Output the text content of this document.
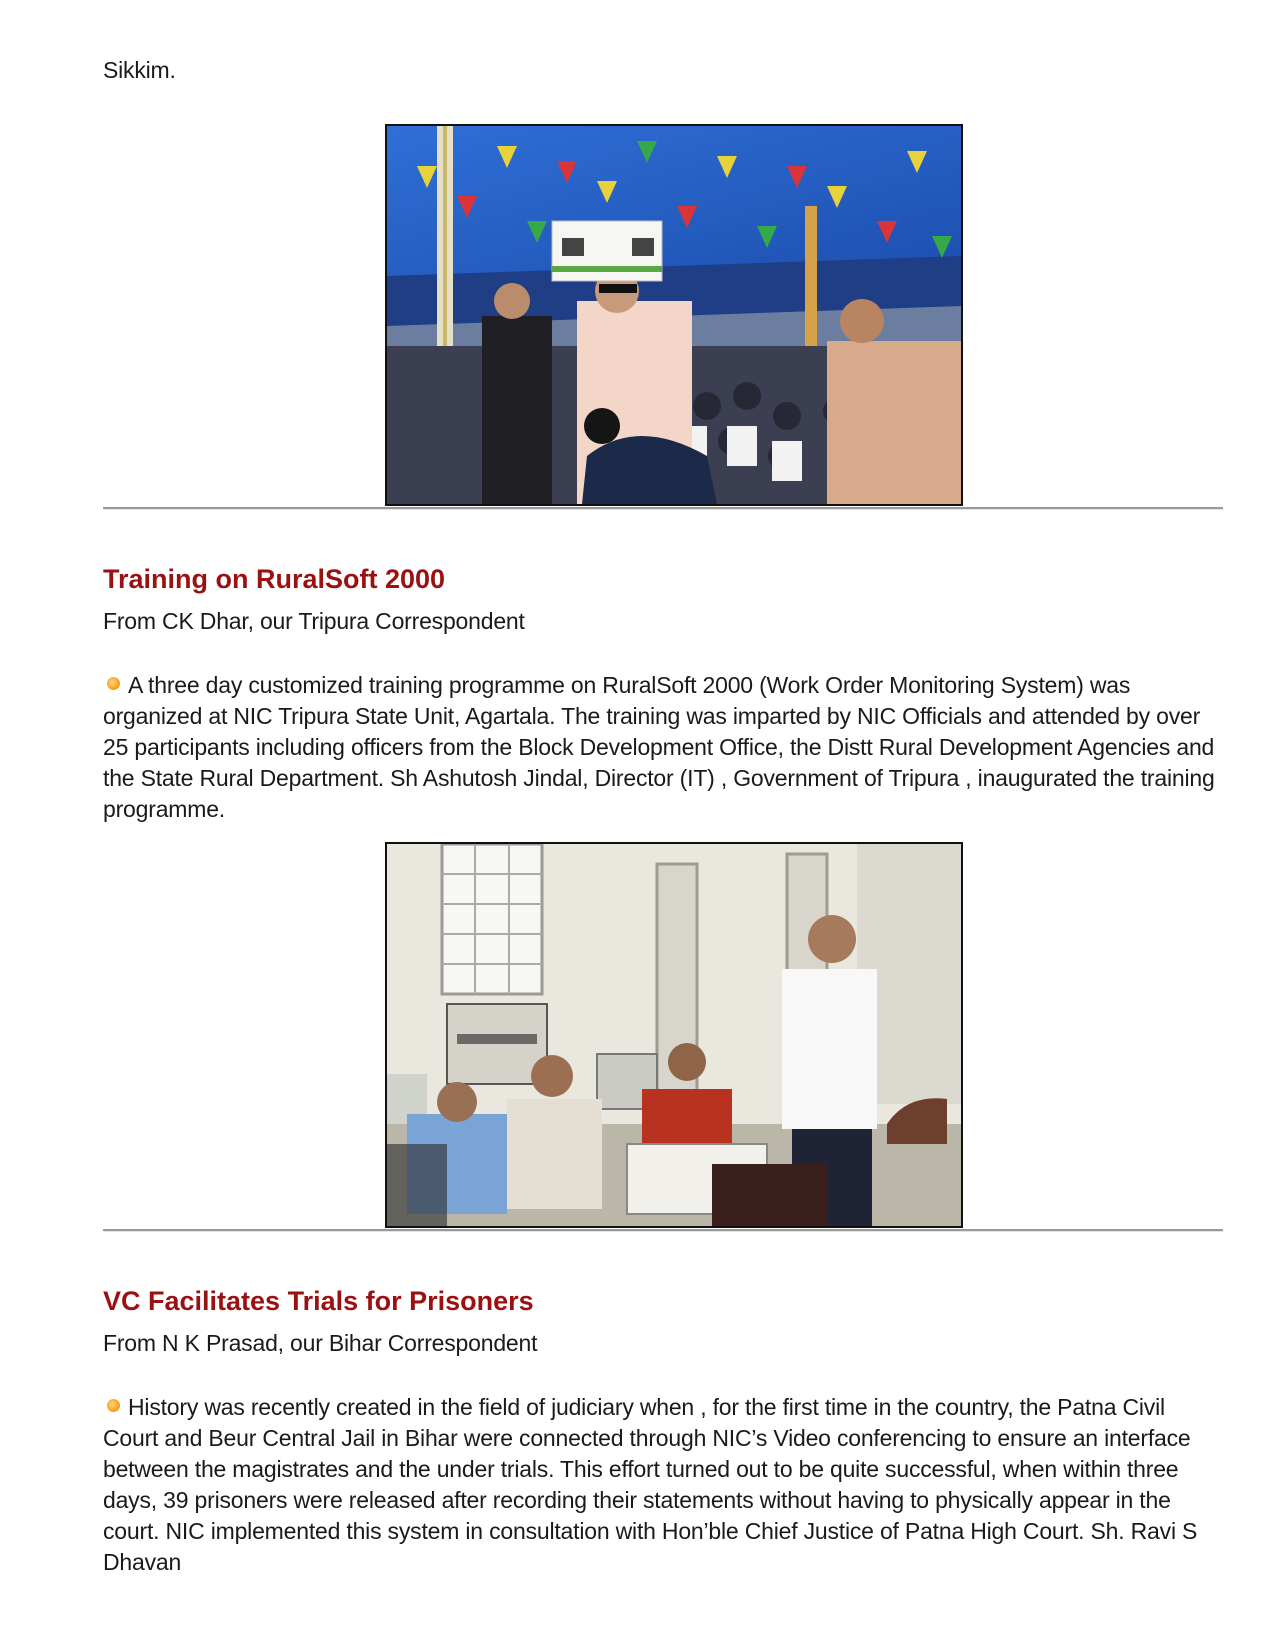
Sikkim.
Training on RuralSoft 2000
From CK Dhar, our Tripura Correspondent

A three day customized training programme on RuralSoft 2000 (Work Order Monitoring System) was organized at NIC Tripura State Unit, Agartala. The training was imparted by NIC Officials and attended by over 25 participants including officers from the Block Development Office, the Distt Rural Development Agencies and the State Rural Department. Sh Ashutosh Jindal, Director (IT) , Government of Tripura , inaugurated the training programme.

VC Facilitates Trials for Prisoners
From N K Prasad, our Bihar Correspondent

History was recently created in the field of judiciary when , for the first time in the country, the Patna Civil Court and Beur Central Jail in Bihar were connected through NIC’s Video conferencing to ensure an interface between the magistrates and the under trials. This effort turned out to be quite successful, when within three days, 39 prisoners were released after recording their statements without having to physically appear in the court. NIC implemented this system in consultation with Hon’ble Chief Justice of Patna High Court. Sh. Ravi S Dhavan
